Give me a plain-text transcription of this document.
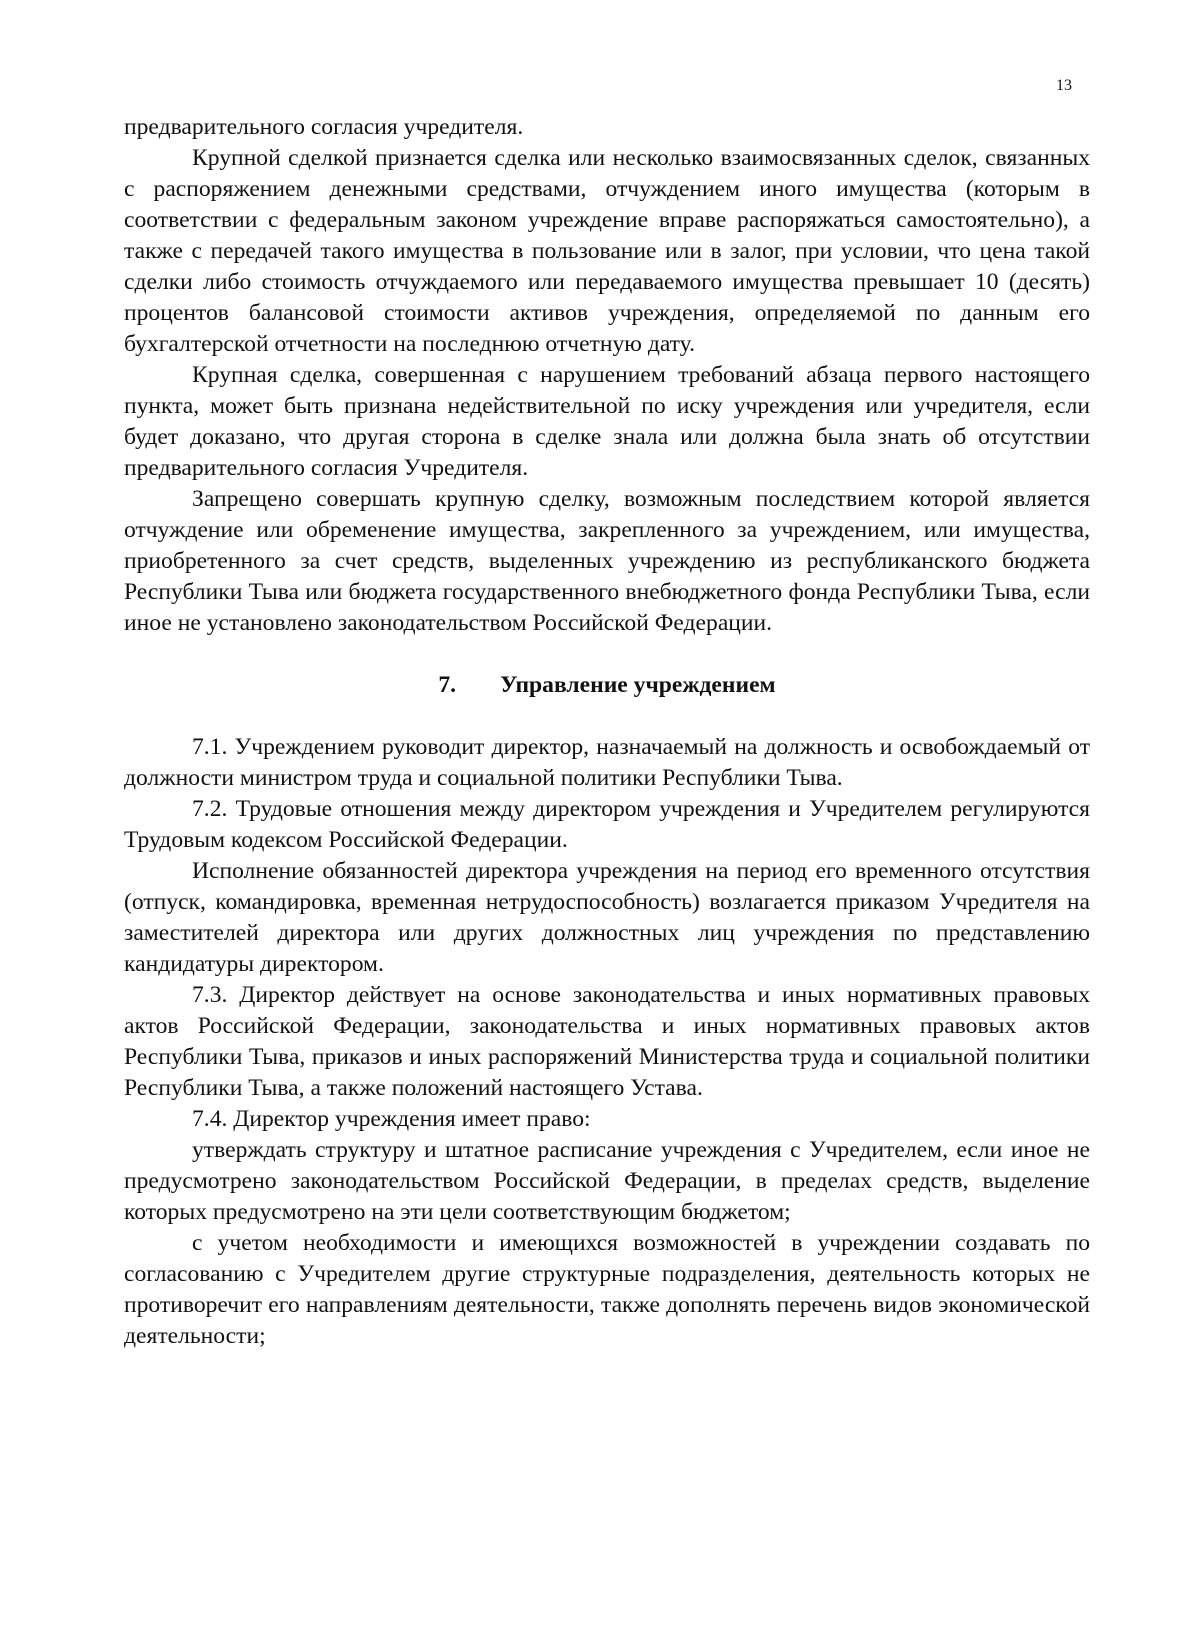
13

предварительного согласия учредителя.

Крупной сделкой признается сделка или несколько взаимосвязанных сделок, связанных с распоряжением денежными средствами, отчуждением иного имущества (которым в соответствии с федеральным законом учреждение вправе распоряжаться самостоятельно), а также с передачей такого имущества в пользование или в залог, при условии, что цена такой сделки либо стоимость отчуждаемого или передаваемого имущества превышает 10 (десять) процентов балансовой стоимости активов учреждения, определяемой по данным его бухгалтерской отчетности на последнюю отчетную дату.

Крупная сделка, совершенная с нарушением требований абзаца первого настоящего пункта, может быть признана недействительной по иску учреждения или учредителя, если будет доказано, что другая сторона в сделке знала или должна была знать об отсутствии предварительного согласия Учредителя.

Запрещено совершать крупную сделку, возможным последствием которой является отчуждение или обременение имущества, закрепленного за учреждением, или имущества, приобретенного за счет средств, выделенных учреждению из республиканского бюджета Республики Тыва или бюджета государственного внебюджетного фонда Республики Тыва, если иное не установлено законодательством Российской Федерации.

7. Управление учреждением

7.1. Учреждением руководит директор, назначаемый на должность и освобождаемый от должности министром труда и социальной политики Республики Тыва.

7.2. Трудовые отношения между директором учреждения и Учредителем регулируются Трудовым кодексом Российской Федерации.

Исполнение обязанностей директора учреждения на период его временного отсутствия (отпуск, командировка, временная нетрудоспособность) возлагается приказом Учредителя на заместителей директора или других должностных лиц учреждения по представлению кандидатуры директором.

7.3. Директор действует на основе законодательства и иных нормативных правовых актов Российской Федерации, законодательства и иных нормативных правовых актов Республики Тыва, приказов и иных распоряжений Министерства труда и социальной политики Республики Тыва, а также положений настоящего Устава.

7.4. Директор учреждения имеет право:

утверждать структуру и штатное расписание учреждения с Учредителем, если иное не предусмотрено законодательством Российской Федерации, в пределах средств, выделение которых предусмотрено на эти цели соответствующим бюджетом;

с учетом необходимости и имеющихся возможностей в учреждении создавать по согласованию с Учредителем другие структурные подразделения, деятельность которых не противоречит его направлениям деятельности, также дополнять перечень видов экономической деятельности;
